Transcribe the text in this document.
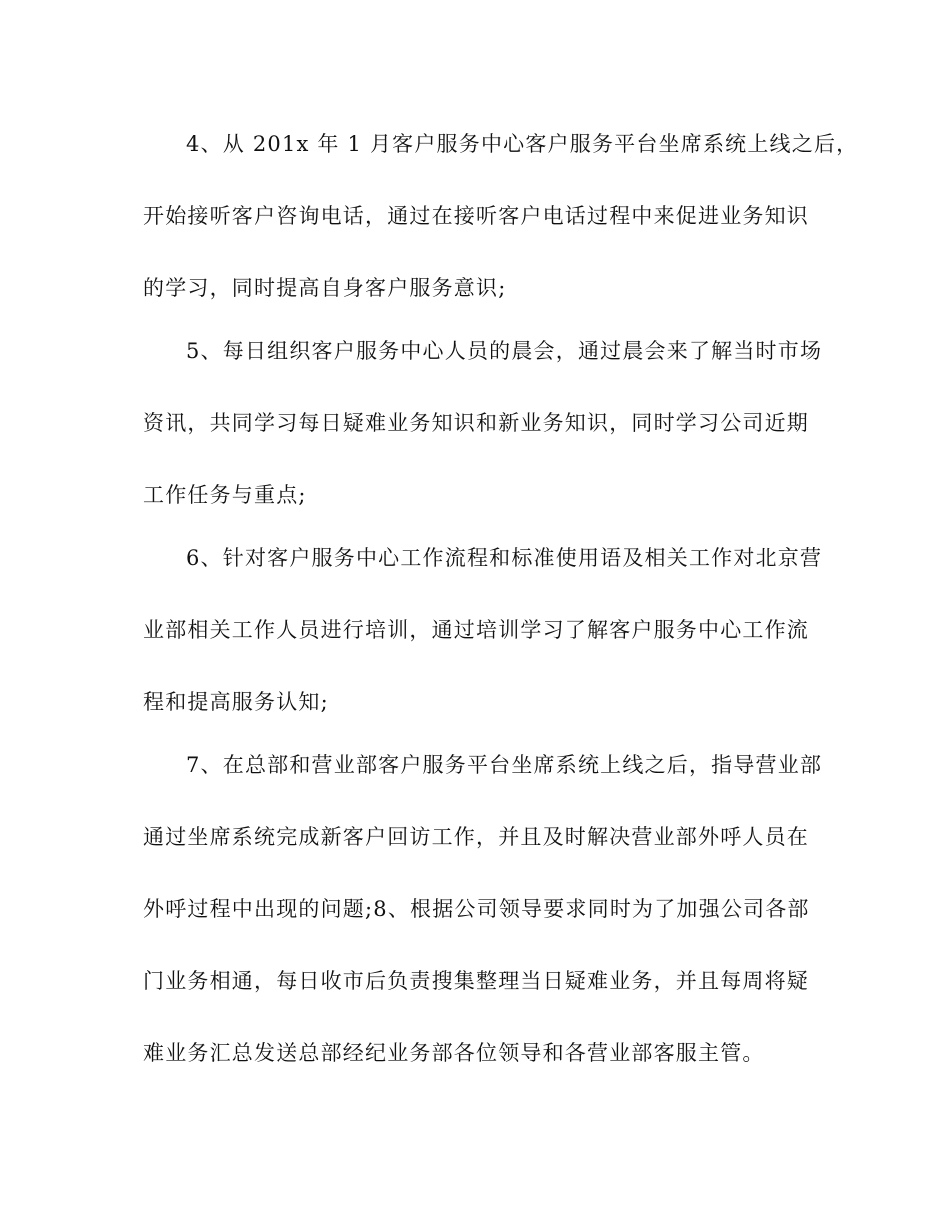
4、从 201x 年 1 月客户服务中心客户服务平台坐席系统上线之后，
开始接听客户咨询电话，通过在接听客户电话过程中来促进业务知识
的学习，同时提高自身客户服务意识;
5、每日组织客户服务中心人员的晨会，通过晨会来了解当时市场
资讯，共同学习每日疑难业务知识和新业务知识，同时学习公司近期
工作任务与重点;
6、针对客户服务中心工作流程和标准使用语及相关工作对北京营
业部相关工作人员进行培训，通过培训学习了解客户服务中心工作流
程和提高服务认知;
7、在总部和营业部客户服务平台坐席系统上线之后，指导营业部
通过坐席系统完成新客户回访工作，并且及时解决营业部外呼人员在
外呼过程中出现的问题;8、根据公司领导要求同时为了加强公司各部
门业务相通，每日收市后负责搜集整理当日疑难业务，并且每周将疑
难业务汇总发送总部经纪业务部各位领导和各营业部客服主管。
